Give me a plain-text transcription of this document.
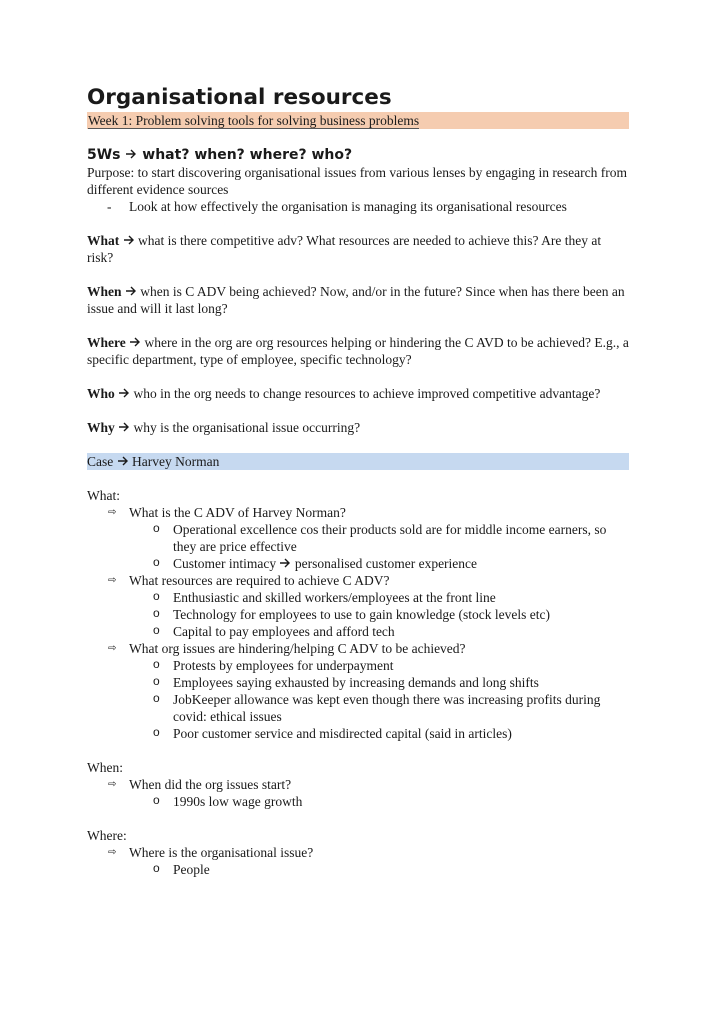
Organisational resources
Week 1: Problem solving tools for solving business problems
5Ws what? when? where? who?

Purpose: to start discovering organisational issues from various lenses by engaging in research from different evidence sources

- Look at how effectively the organisation is managing its organisational resources

What what is there competitive adv? What resources are needed to achieve this? Are they at risk?

When when is C ADV being achieved? Now, and/or in the future? Since when has there been an issue and will it last long?

Where where in the org are org resources helping or hindering the C AVD to be achieved? E.g., a specific department, type of employee, specific technology?

Who who in the org needs to change resources to achieve improved competitive advantage?

Why why is the organisational issue occurring?

Case Harvey Norman

What:

⇨ What is the C ADV of Harvey Norman?
o Operational excellence cos their products sold are for middle income earners, so they are price effective
o Customer intimacy personalised customer experience
⇨ What resources are required to achieve C ADV?
o Enthusiastic and skilled workers/employees at the front line
o Technology for employees to use to gain knowledge (stock levels etc)
o Capital to pay employees and afford tech
⇨ What org issues are hindering/helping C ADV to be achieved?
o Protests by employees for underpayment
o Employees saying exhausted by increasing demands and long shifts
o JobKeeper allowance was kept even though there was increasing profits during covid: ethical issues
o Poor customer service and misdirected capital (said in articles)

When:

⇨ When did the org issues start?
o 1990s low wage growth

Where:

⇨ Where is the organisational issue?
o People
